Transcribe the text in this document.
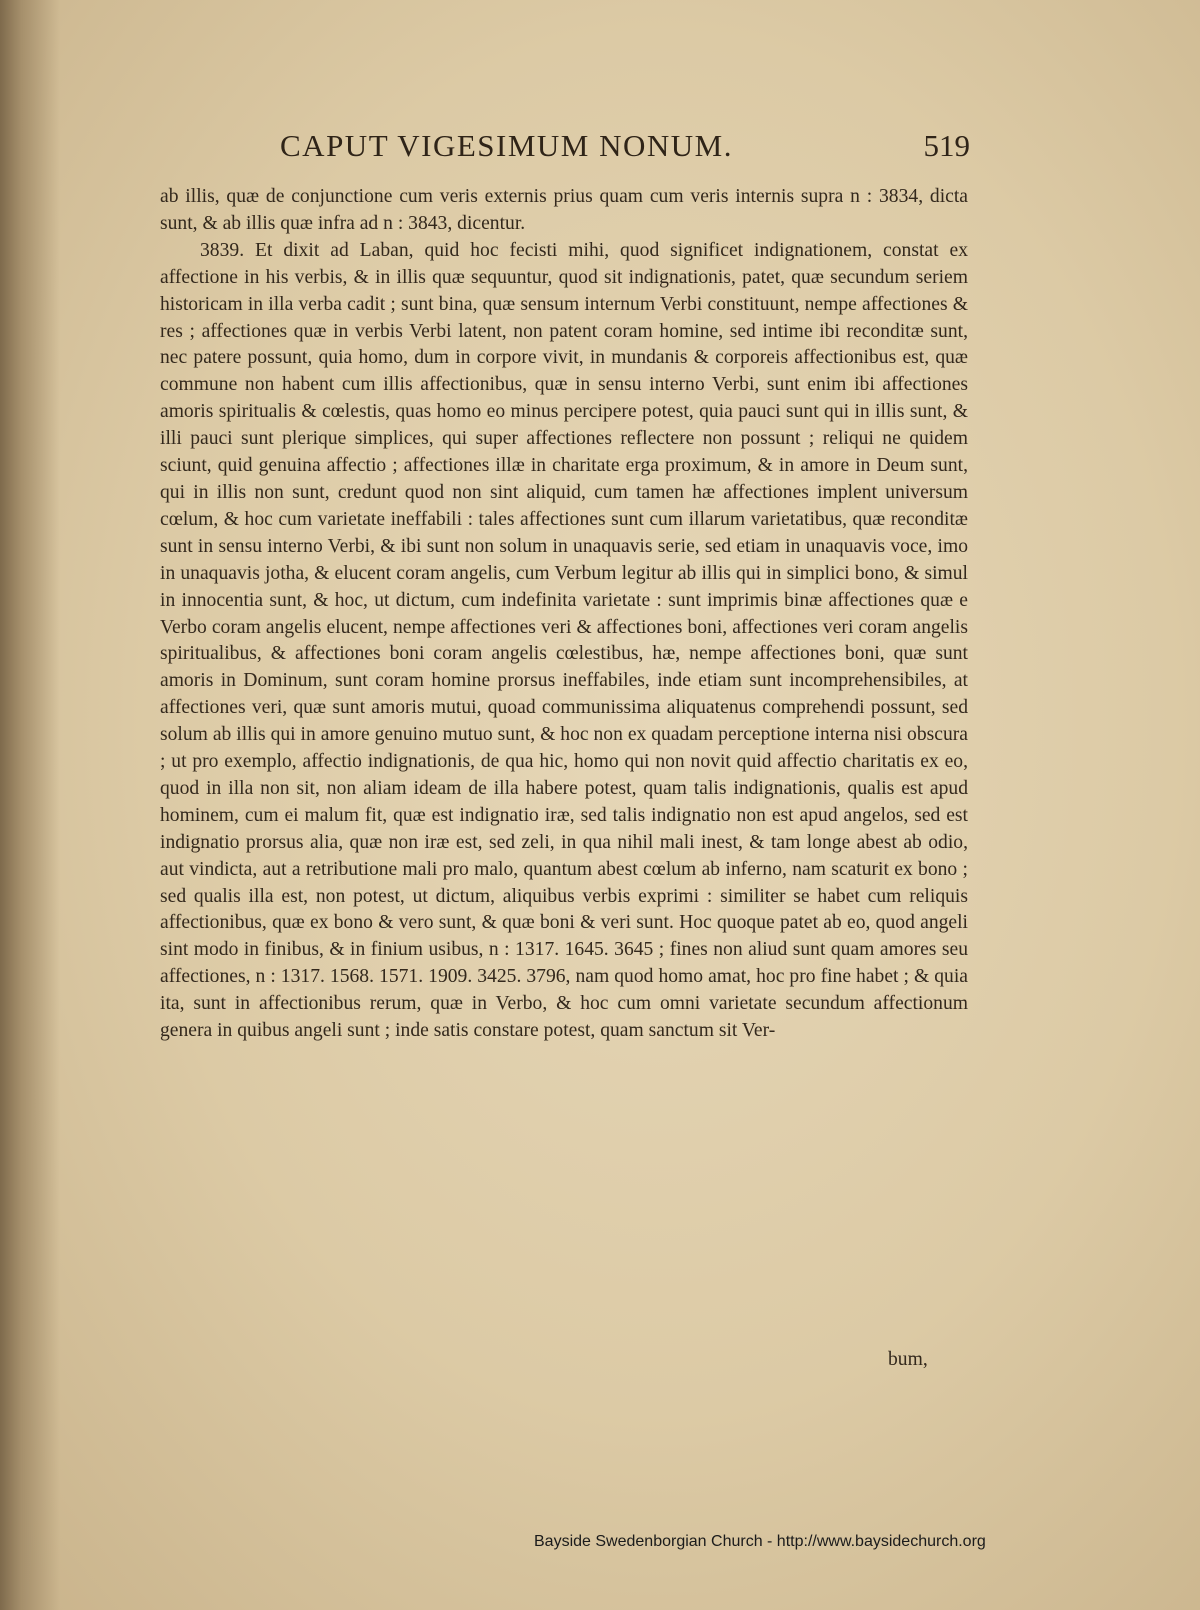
CAPUT VIGESIMUM NONUM.	519

ab illis, quæ de conjunctione cum veris externis prius quam cum veris internis supra n : 3834, dicta sunt, & ab illis quæ infra ad n : 3843, dicentur.

3839. Et dixit ad Laban, quid hoc fecisti mihi, quod significet indignationem, constat ex affectione in his verbis, & in illis quæ sequuntur, quod sit indignationis, patet, quæ secundum seriem historicam in illa verba cadit ; sunt bina, quæ sensum internum Verbi constituunt, nempe affectiones & res ; affectiones quæ in verbis Verbi latent, non patent coram homine, sed intime ibi reconditæ sunt, nec patere possunt, quia homo, dum in corpore vivit, in mundanis & corporeis affectionibus est, quæ commune non habent cum illis affectionibus, quæ in sensu interno Verbi, sunt enim ibi affectiones amoris spiritualis & cœlestis, quas homo eo minus percipere potest, quia pauci sunt qui in illis sunt, & illi pauci sunt plerique simplices, qui super affectiones reflectere non possunt ; reliqui ne quidem sciunt, quid genuina affectio ; affectiones illæ in charitate erga proximum, & in amore in Deum sunt, qui in illis non sunt, credunt quod non sint aliquid, cum tamen hæ affectiones implent universum cœlum, & hoc cum varietate ineffabili : tales affectiones sunt cum illarum varietatibus, quæ reconditæ sunt in sensu interno Verbi, & ibi sunt non solum in unaquavis serie, sed etiam in unaquavis voce, imo in unaquavis jotha, & elucent coram angelis, cum Verbum legitur ab illis qui in simplici bono, & simul in innocentia sunt, & hoc, ut dictum, cum indefinita varietate : sunt imprimis binæ affectiones quæ e Verbo coram angelis elucent, nempe affectiones veri & affectiones boni, affectiones veri coram angelis spiritualibus, & affectiones boni coram angelis cœlestibus, hæ, nempe affectiones boni, quæ sunt amoris in Dominum, sunt coram homine prorsus ineffabiles, inde etiam sunt incomprehensibiles, at affectiones veri, quæ sunt amoris mutui, quoad communissima aliquatenus comprehendi possunt, sed solum ab illis qui in amore genuino mutuo sunt, & hoc non ex quadam perceptione interna nisi obscura ; ut pro exemplo, affectio indignationis, de qua hic, homo qui non novit quid affectio charitatis ex eo, quod in illa non sit, non aliam ideam de illa habere potest, quam talis indignationis, qualis est apud hominem, cum ei malum fit, quæ est indignatio iræ, sed talis indignatio non est apud angelos, sed est indignatio prorsus alia, quæ non iræ est, sed zeli, in qua nihil mali inest, & tam longe abest ab odio, aut vindicta, aut a retributione mali pro malo, quantum abest cœlum ab inferno, nam scaturit ex bono ; sed qualis illa est, non potest, ut dictum, aliquibus verbis exprimi : similiter se habet cum reliquis affectionibus, quæ ex bono & vero sunt, & quæ boni & veri sunt. Hoc quoque patet ab eo, quod angeli sint modo in finibus, & in finium usibus, n : 1317. 1645. 3645 ; fines non aliud sunt quam amores seu affectiones, n : 1317. 1568. 1571. 1909. 3425. 3796, nam quod homo amat, hoc pro fine habet ; & quia ita, sunt in affectionibus rerum, quæ in Verbo, & hoc cum omni varietate secundum affectionum genera in quibus angeli sunt ; inde satis constare potest, quam sanctum sit Ver-

bum,
Bayside Swedenborgian Church - http://www.baysidechurch.org
